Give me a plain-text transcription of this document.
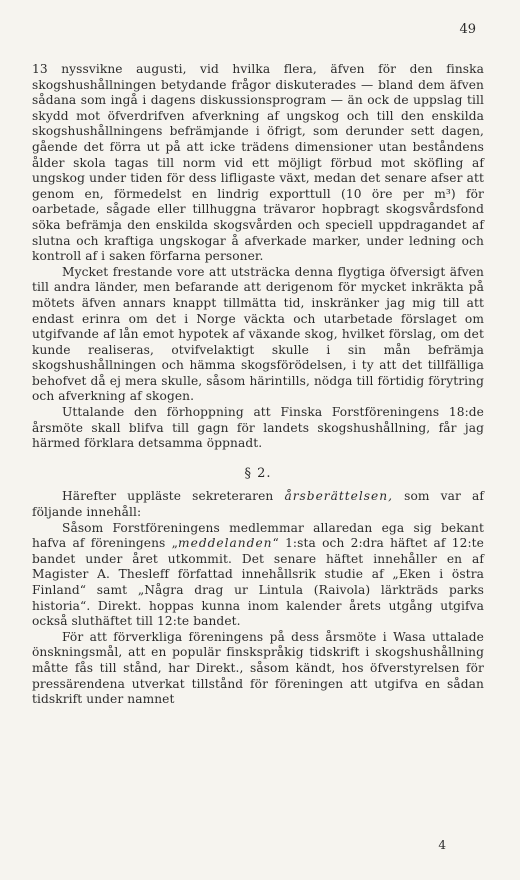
49

13 nyssvikne augusti, vid hvilka flera, äfven för den finska skogshushållningen betydande frågor diskuterades — bland dem äfven sådana som ingå i dagens diskussionsprogram — än ock de uppslag till skydd mot öfverdrifven afverkning af ungskog och till den enskilda skogshushållningens befrämjande i öfrigt, som derunder sett dagen, gående det förra ut på att icke trädens dimensioner utan beståndens ålder skola tagas till norm vid ett möjligt förbud mot sköfling af ungskog under tiden för dess lifligaste växt, medan det senare afser att genom en, förmedelst en lindrig exporttull (10 öre per m³) för oarbetade, sågade eller tillhuggna trävaror hopbragt skogsvårdsfond söka befrämja den enskilda skogsvården och speciell uppdragandet af slutna och kraftiga ungskogar å afverkade marker, under ledning och kontroll af i saken förfarna personer.

Mycket frestande vore att utsträcka denna flygtiga öfversigt äfven till andra länder, men befarande att derigenom för mycket inkräkta på mötets äfven annars knappt tillmätta tid, inskränker jag mig till att endast erinra om det i Norge väckta och utarbetade förslaget om utgifvande af lån emot hypotek af växande skog, hvilket förslag, om det kunde realiseras, otvifvelaktigt skulle i sin mån befrämja skogshushållningen och hämma skogsförödelsen, i ty att det tillfälliga behofvet då ej mera skulle, såsom härintills, nödga till förtidig förytring och afverkning af skogen.

Uttalande den förhoppning att Finska Forstföreningens 18:de årsmöte skall blifva till gagn för landets skogshushållning, får jag härmed förklara detsamma öppnadt.

§ 2.

Härefter uppläste sekreteraren årsberättelsen, som var af följande innehåll:

Såsom Forstföreningens medlemmar allaredan ega sig bekant hafva af föreningens „meddelanden“ 1:sta och 2:dra häftet af 12:te bandet under året utkommit. Det senare häftet innehåller en af Magister A. Thesleff författad innehållsrik studie af „Eken i östra Finland“ samt „Några drag ur Lintula (Raivola) lärkträds parks historia“. Direkt. hoppas kunna inom kalender årets utgång utgifva också sluthäftet till 12:te bandet.

För att förverkliga föreningens på dess årsmöte i Wasa uttalade önskningsmål, att en populär finskspråkig tidskrift i skogshushållning måtte fås till stånd, har Direkt., såsom kändt, hos öfverstyrelsen för pressärendena utverkat tillstånd för föreningen att utgifva en sådan tidskrift under namnet

4
